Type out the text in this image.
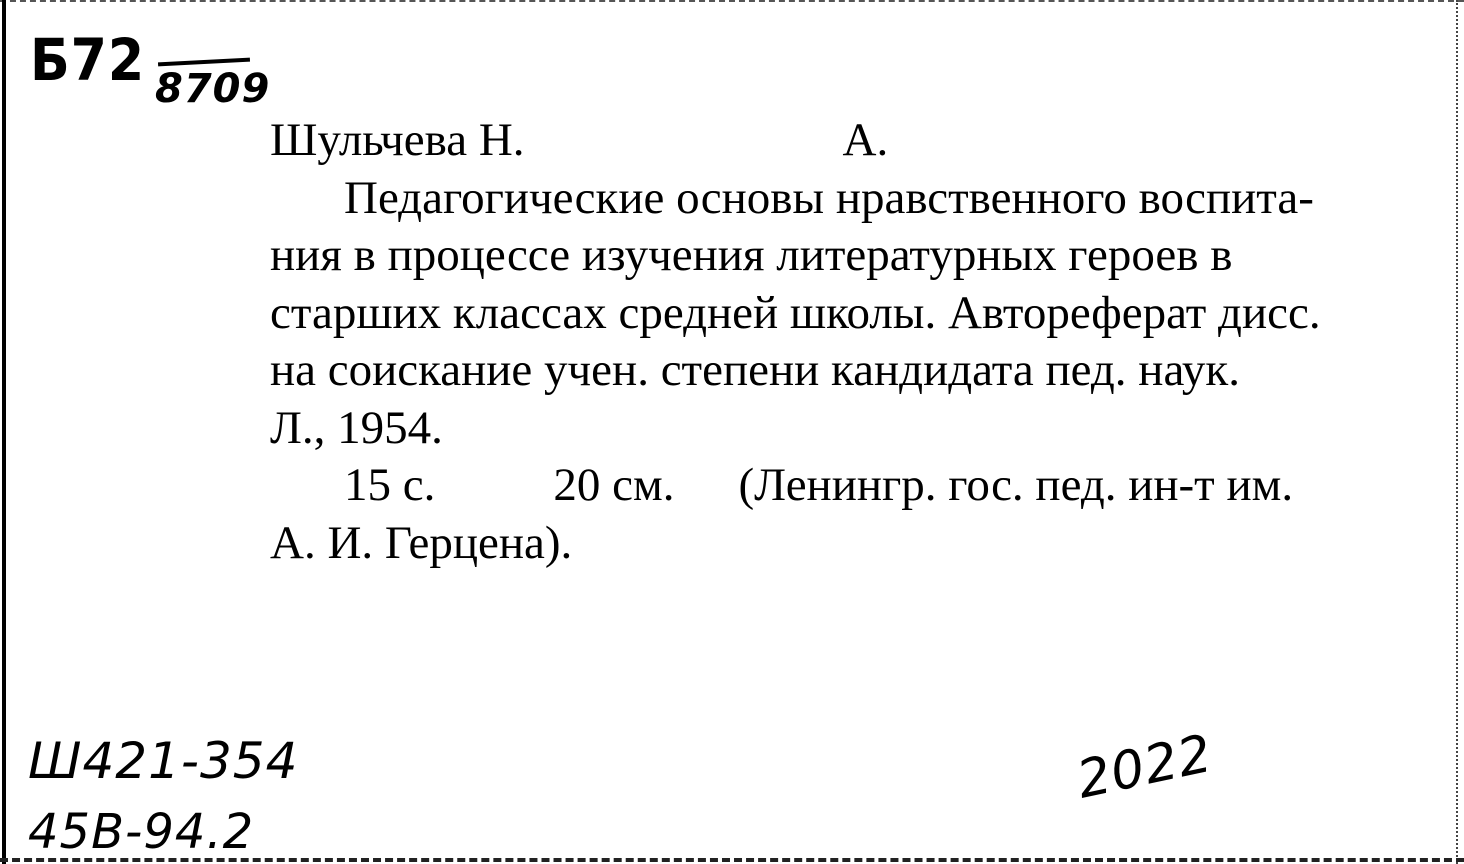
Б72 8709
Шульчева Н.	А.
Педагогические основы нравственного воспита-
ния в процессе изучения литературных героев в
старших классах средней школы. Автореферат дисс.
на соискание учен. степени кандидата пед. наук.
Л., 1954.
15 с.	20 см. (Ленингр. гос. пед. ин-т им.
А. И. Герцена).
Ш421-354
45В-94.2
2022
